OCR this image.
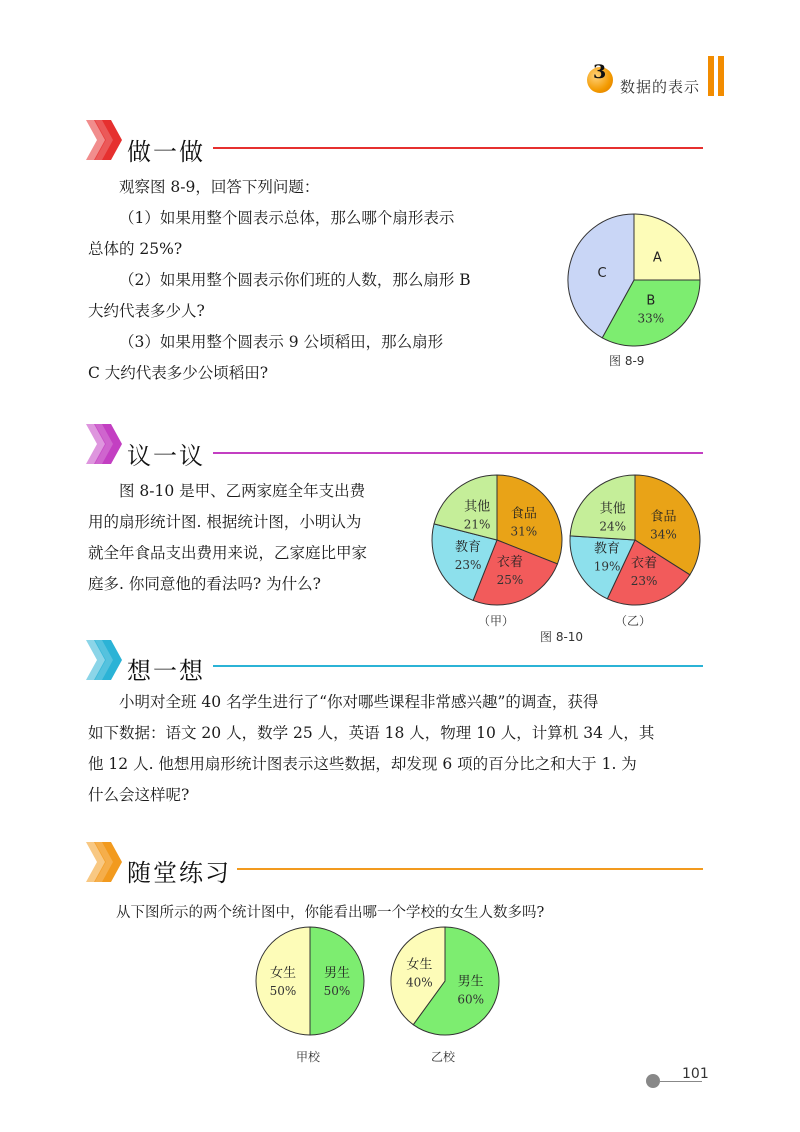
3
数据的表示
做一做

观察图 8-9，回答下列问题：

（1）如果用整个圆表示总体，那么哪个扇形表示

总体的 25%?

（2）如果用整个圆表示你们班的人数，那么扇形 B

大约代表多少人?

（3）如果用整个圆表示 9 公顷稻田，那么扇形

C 大约代表多少公顷稻田?

A
B
33%
C
图 8-9
议一议

图 8-10 是甲、乙两家庭全年支出费

用的扇形统计图. 根据统计图，小明认为

就全年食品支出费用来说，乙家庭比甲家

庭多. 你同意他的看法吗? 为什么?

食品
31%
衣着
25%
教育
23%
其他
21%
（甲）
食品
34%
衣着
23%
教育
19%
其他
24%
（乙）
图 8-10
想一想

小明对全班 40 名学生进行了“你对哪些课程非常感兴趣”的调查，获得

如下数据：语文 20 人，数学 25 人，英语 18 人，物理 10 人，计算机 34 人，其

他 12 人. 他想用扇形统计图表示这些数据，却发现 6 项的百分比之和大于 1. 为

什么会这样呢?

随堂练习
从下图所示的两个统计图中，你能看出哪一个学校的女生人数多吗?
男生
50%
女生
50%
甲校
男生
60%
女生
40%
乙校
101
